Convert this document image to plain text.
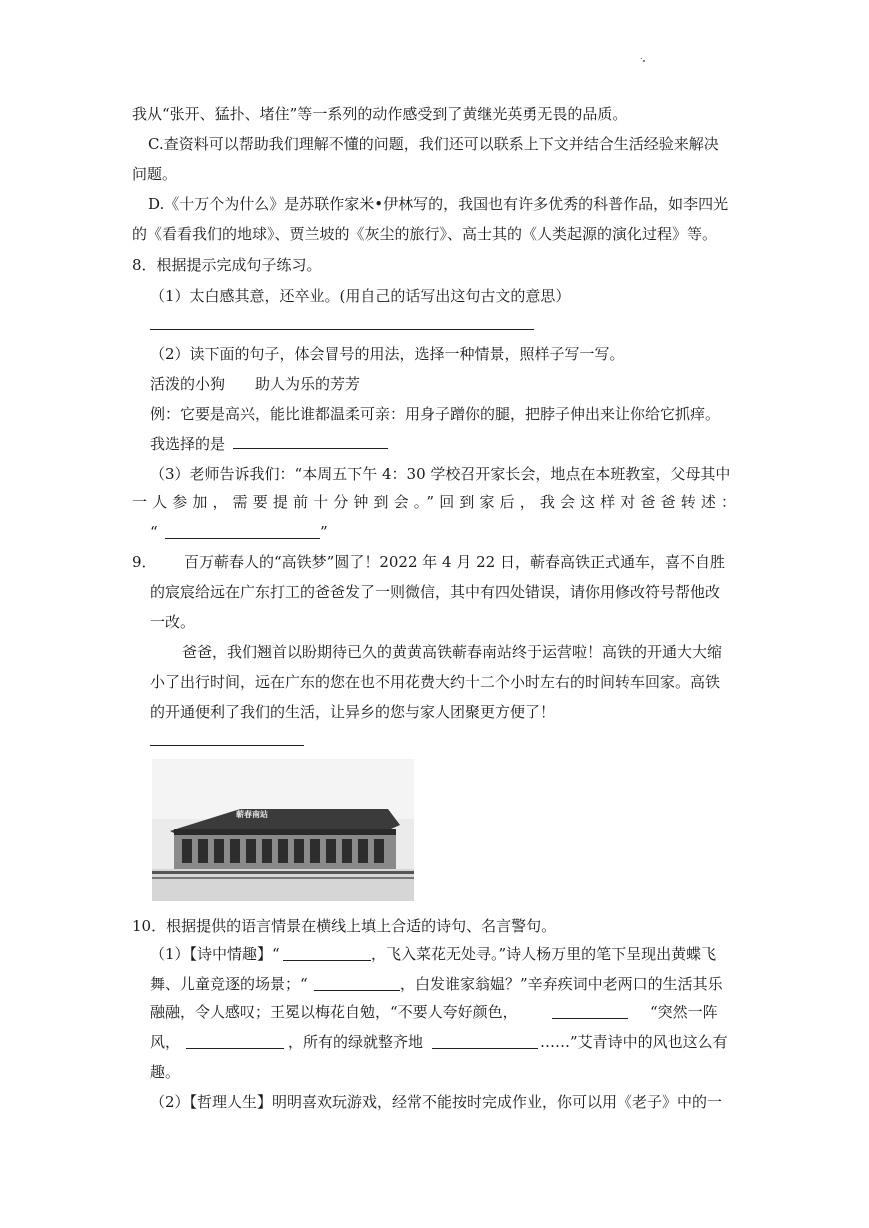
我从“张开、猛扑、堵住”等一系列的动作感受到了黄继光英勇无畏的品质。
C.查资料可以帮助我们理解不懂的问题，我们还可以联系上下文并结合生活经验来解决
问题。
D.《十万个为什么》是苏联作家米•伊林写的，我国也有许多优秀的科普作品，如李四光
的《看看我们的地球》、贾兰坡的《灰尘的旅行》、高士其的《人类起源的演化过程》等。
8．根据提示完成句子练习。
（1）太白感其意，还卒业。(用自己的话写出这句古文的意思）
（2）读下面的句子，体会冒号的用法，选择一种情景，照样子写一写。
活泼的小狗　　助人为乐的芳芳
例：它要是高兴，能比谁都温柔可亲：用身子蹭你的腿，把脖子伸出来让你给它抓痒。
我选择的是
（3）老师告诉我们：“本周五下午 4：30 学校召开家长会，地点在本班教室，父母其中
一人参加，需要提前十分钟到会。”回到家后，我会这样对爸爸转述：
“	”
9． 百万蕲春人的“高铁梦”圆了！2022 年 4 月 22 日，蕲春高铁正式通车，喜不自胜
的宸宸给远在广东打工的爸爸发了一则微信，其中有四处错误，请你用修改符号帮他改
一改。
爸爸，我们翘首以盼期待已久的黄黄高铁蕲春南站终于运营啦！高铁的开通大大缩
小了出行时间，远在广东的您在也不用花费大约十二个小时左右的时间转车回家。高铁
的开通便利了我们的生活，让异乡的您与家人团聚更方便了！
蕲春南站
10．根据提供的语言情景在横线上填上合适的诗句、名言警句。
（1）【诗中情趣】“	，飞入菜花无处寻。”诗人杨万里的笔下呈现出黄蝶飞
舞、儿童竞逐的场景；“	，白发谁家翁媪？”辛弃疾词中老两口的生活其乐
融融，令人感叹；王冕以梅花自勉，“不要人夸好颜色，	“突然一阵
风，	，所有的绿就整齐地	……”艾青诗中的风也这么有
趣。
（2）【哲理人生】明明喜欢玩游戏，经常不能按时完成作业，你可以用《老子》中的一
.
